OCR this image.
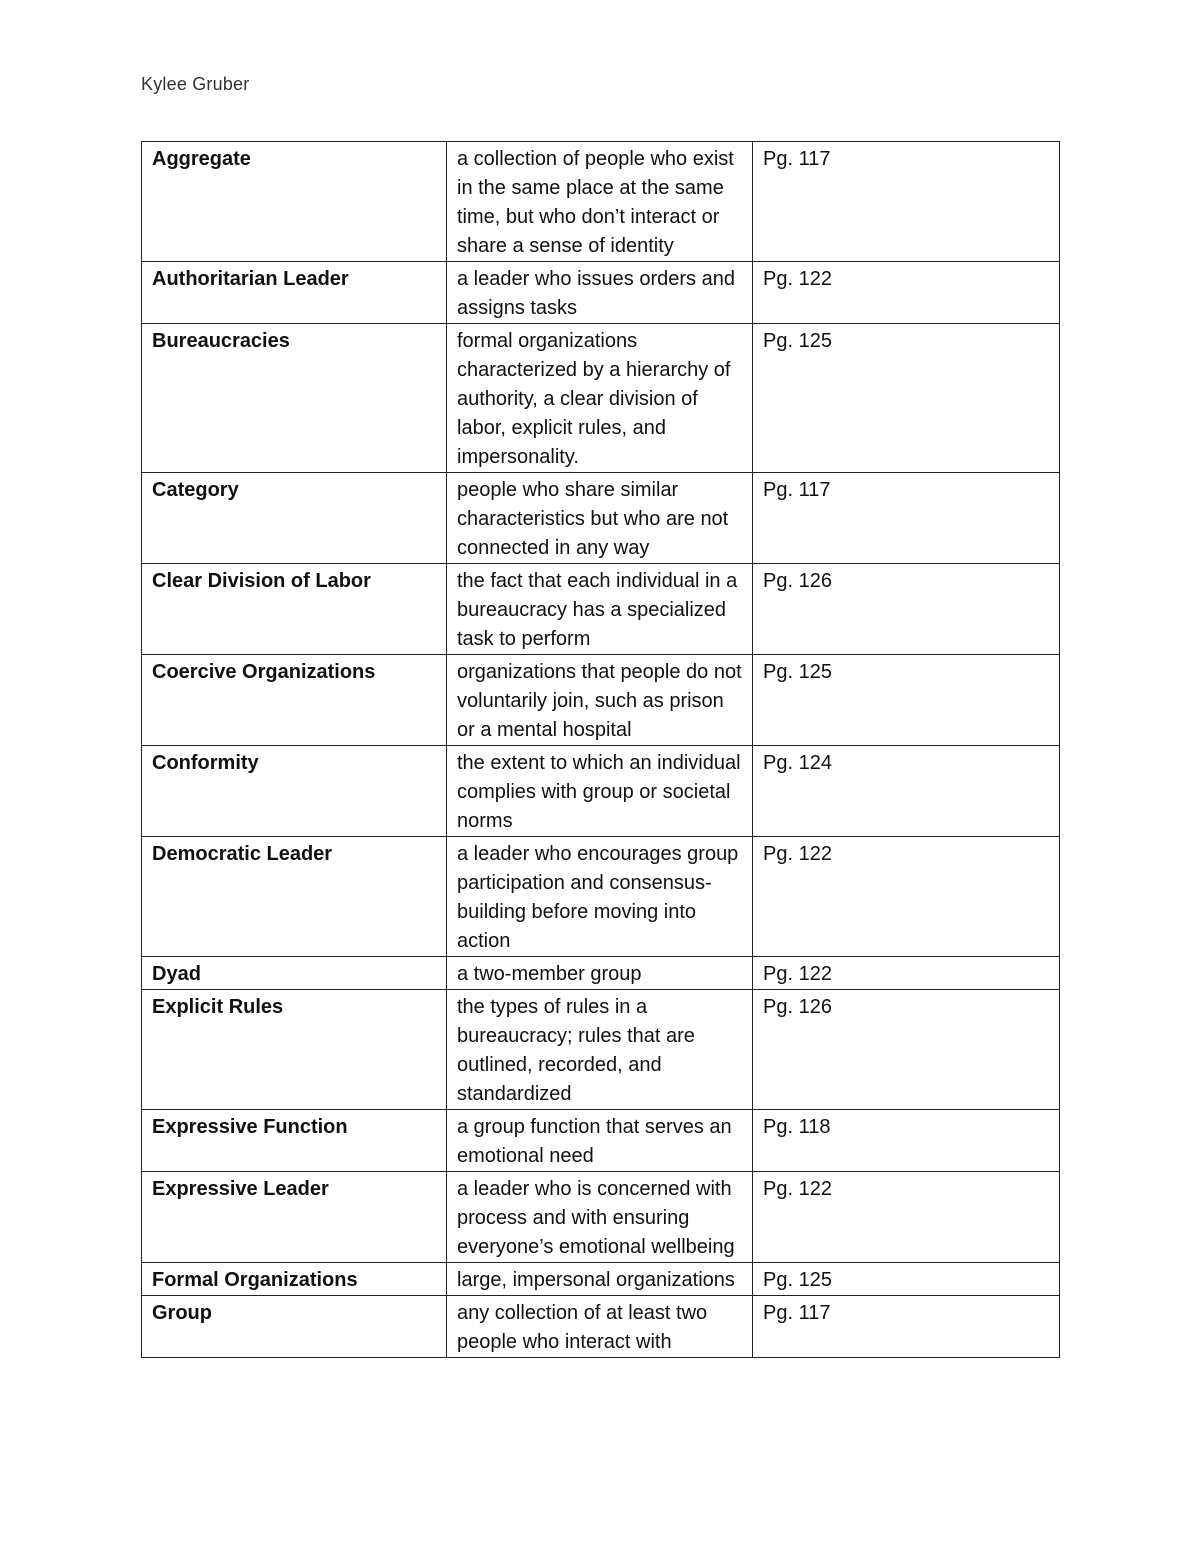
Kylee Gruber
Aggregate	a collection of people who exist in the same place at the same time, but who don’t interact or share a sense of identity	Pg. 117
Authoritarian Leader	a leader who issues orders and assigns tasks	Pg. 122
Bureaucracies	formal organizations characterized by a hierarchy of authority, a clear division of labor, explicit rules, and impersonality.	Pg. 125
Category	people who share similar characteristics but who are not connected in any way	Pg. 117
Clear Division of Labor	the fact that each individual in a bureaucracy has a specialized task to perform	Pg. 126
Coercive Organizations	organizations that people do not voluntarily join, such as prison or a mental hospital	Pg. 125
Conformity	the extent to which an individual complies with group or societal norms	Pg. 124
Democratic Leader	a leader who encourages group participation and consensus-building before moving into action	Pg. 122
Dyad	a two-member group	Pg. 122
Explicit Rules	the types of rules in a bureaucracy; rules that are outlined, recorded, and standardized	Pg. 126
Expressive Function	a group function that serves an emotional need	Pg. 118
Expressive Leader	a leader who is concerned with process and with ensuring everyone’s emotional wellbeing	Pg. 122
Formal Organizations	large, impersonal organizations	Pg. 125
Group	any collection of at least two people who interact with	Pg. 117
